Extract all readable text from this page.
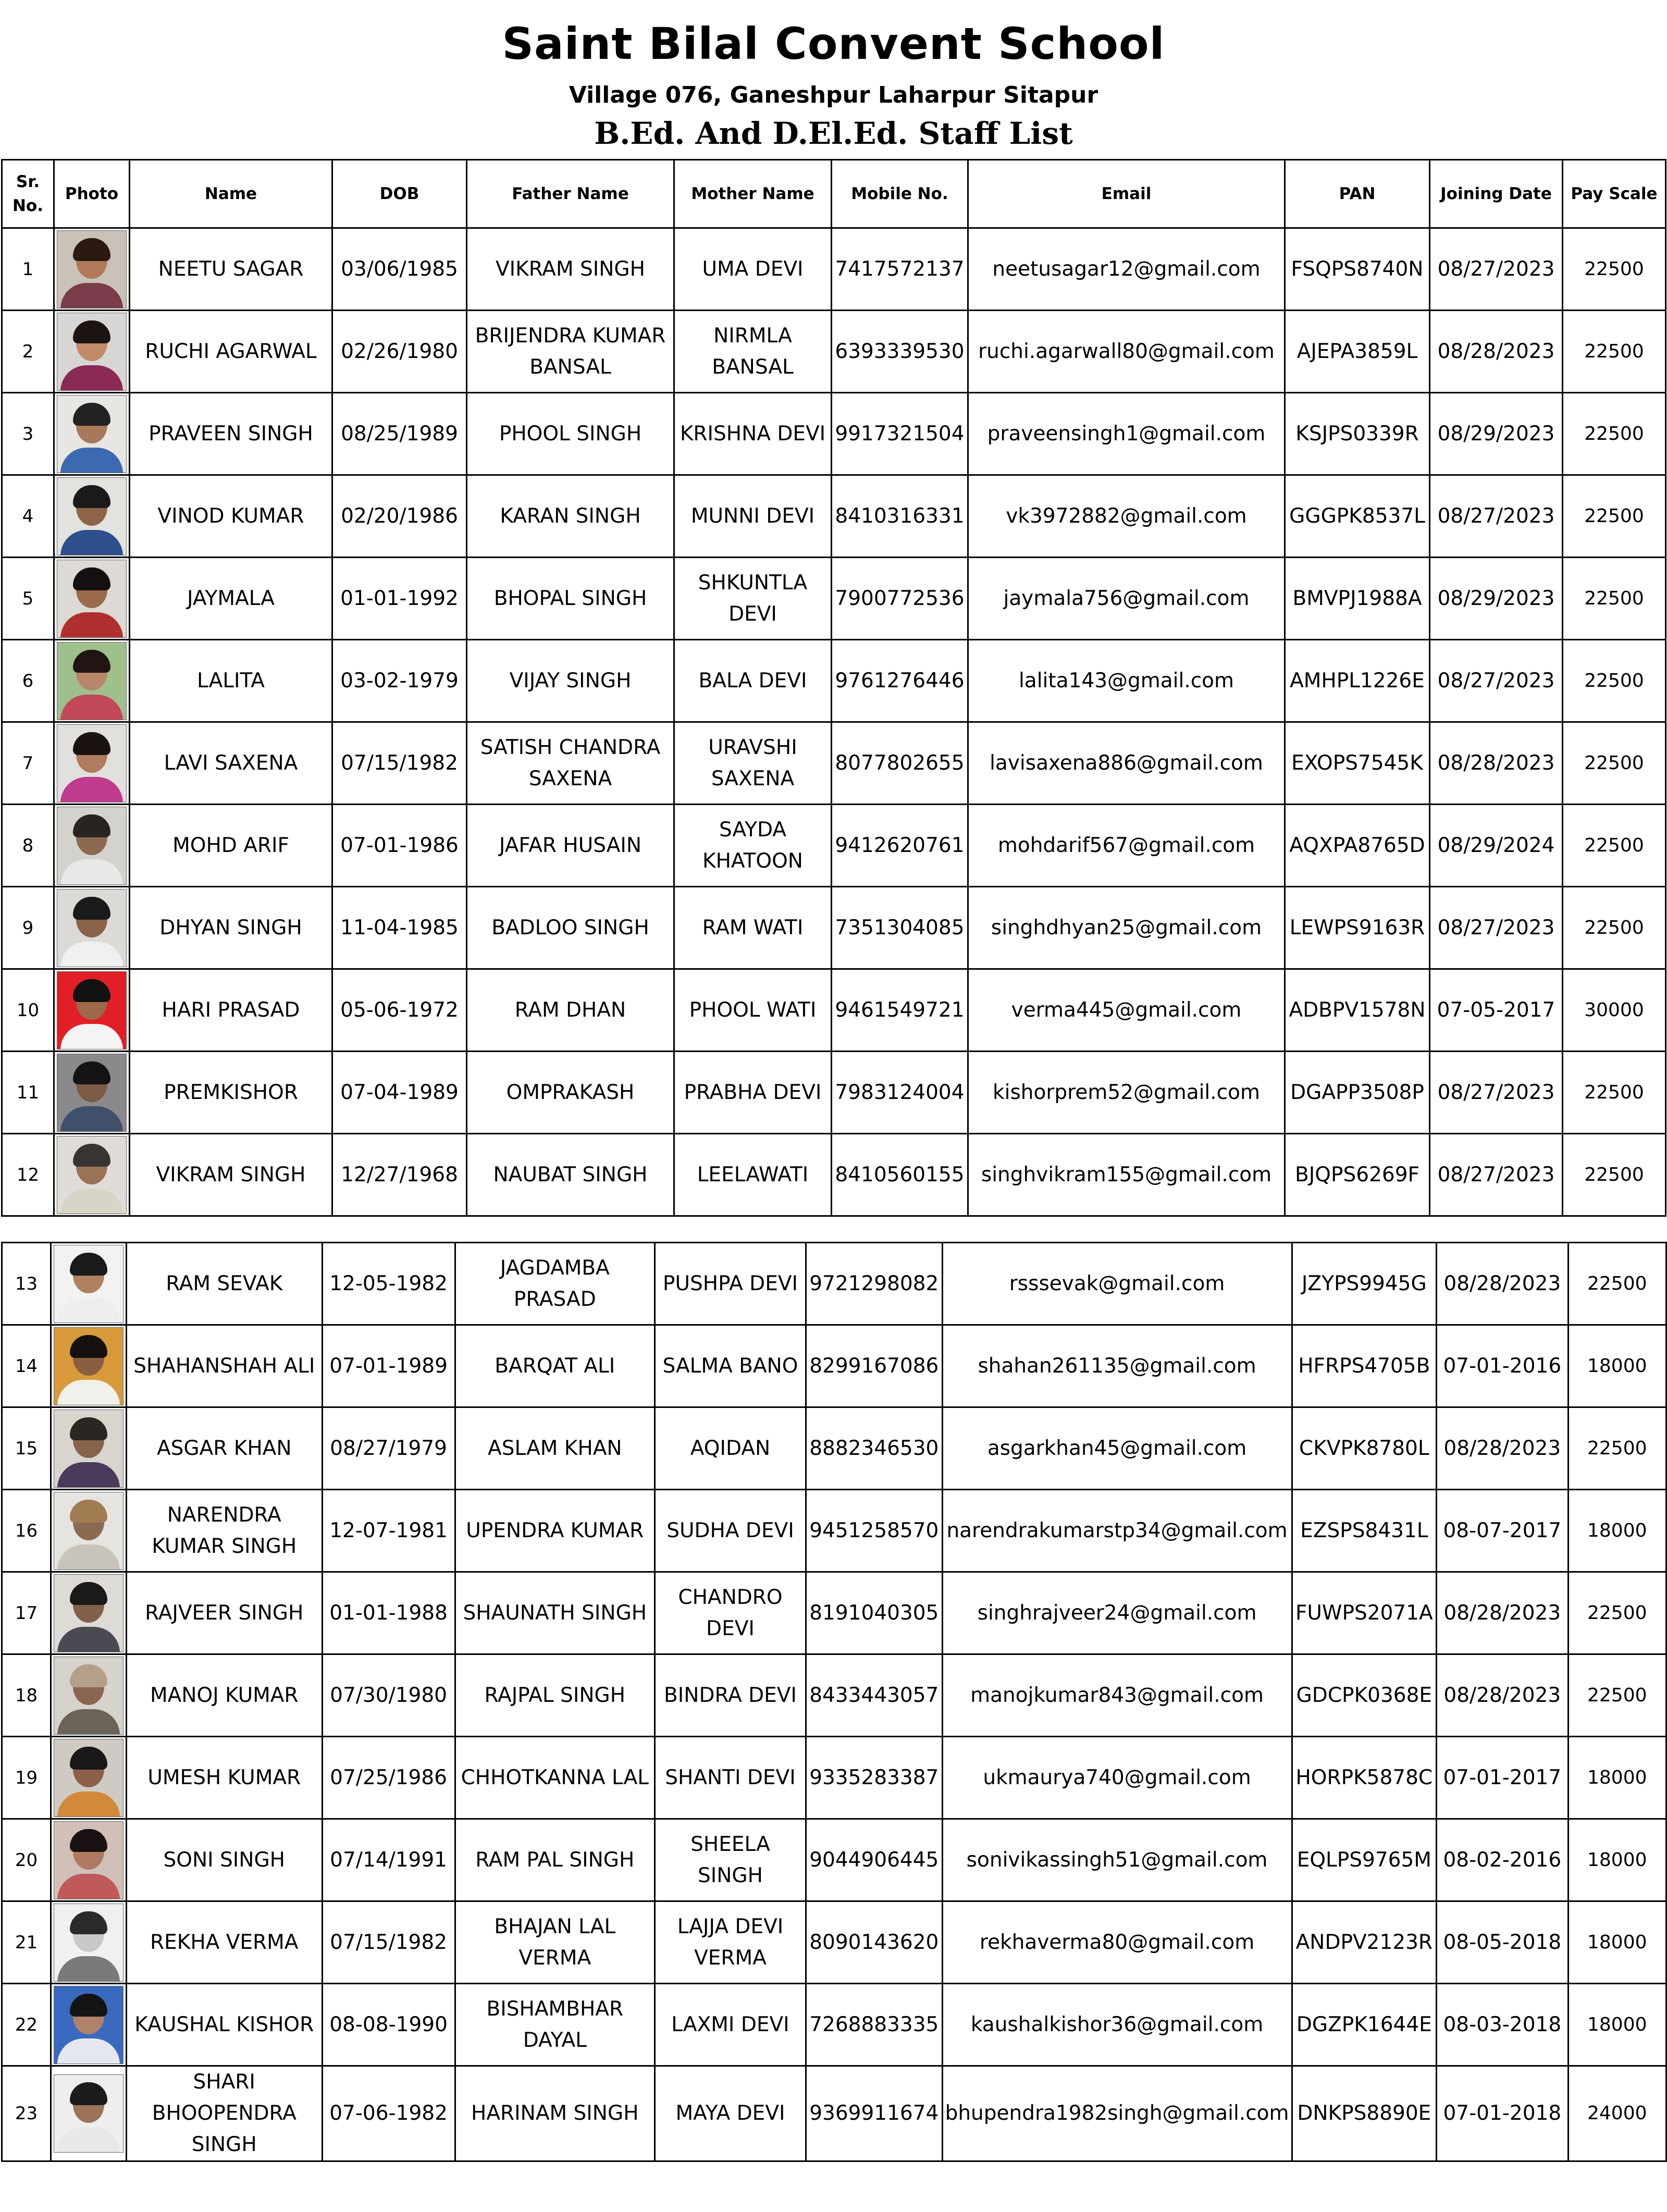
Saint Bilal Convent School
Village 076, Ganeshpur Laharpur Sitapur
B.Ed. And D.El.Ed. Staff List
Sr. No.	Photo	Name	DOB	Father Name	Mother Name	Mobile No.	Email	PAN	Joining Date	Pay Scale
1		NEETU SAGAR	03/06/1985	VIKRAM SINGH	UMA DEVI	7417572137	neetusagar12@gmail.com	FSQPS8740N	08/27/2023	22500
2		RUCHI AGARWAL	02/26/1980	BRIJENDRA KUMAR BANSAL	NIRMLA BANSAL	6393339530	ruchi.agarwall80@gmail.com	AJEPA3859L	08/28/2023	22500
3		PRAVEEN SINGH	08/25/1989	PHOOL SINGH	KRISHNA DEVI	9917321504	praveensingh1@gmail.com	KSJPS0339R	08/29/2023	22500
4		VINOD KUMAR	02/20/1986	KARAN SINGH	MUNNI DEVI	8410316331	vk3972882@gmail.com	GGGPK8537L	08/27/2023	22500
5		JAYMALA	01-01-1992	BHOPAL SINGH	SHKUNTLA DEVI	7900772536	jaymala756@gmail.com	BMVPJ1988A	08/29/2023	22500
6		LALITA	03-02-1979	VIJAY SINGH	BALA DEVI	9761276446	lalita143@gmail.com	AMHPL1226E	08/27/2023	22500
7		LAVI SAXENA	07/15/1982	SATISH CHANDRA SAXENA	URAVSHI SAXENA	8077802655	lavisaxena886@gmail.com	EXOPS7545K	08/28/2023	22500
8		MOHD ARIF	07-01-1986	JAFAR HUSAIN	SAYDA KHATOON	9412620761	mohdarif567@gmail.com	AQXPA8765D	08/29/2024	22500
9		DHYAN SINGH	11-04-1985	BADLOO SINGH	RAM WATI	7351304085	singhdhyan25@gmail.com	LEWPS9163R	08/27/2023	22500
10		HARI PRASAD	05-06-1972	RAM DHAN	PHOOL WATI	9461549721	verma445@gmail.com	ADBPV1578N	07-05-2017	30000
11		PREMKISHOR	07-04-1989	OMPRAKASH	PRABHA DEVI	7983124004	kishorprem52@gmail.com	DGAPP3508P	08/27/2023	22500
12		VIKRAM SINGH	12/27/1968	NAUBAT SINGH	LEELAWATI	8410560155	singhvikram155@gmail.com	BJQPS6269F	08/27/2023	22500
13		RAM SEVAK	12-05-1982	JAGDAMBA PRASAD	PUSHPA DEVI	9721298082	rsssevak@gmail.com	JZYPS9945G	08/28/2023	22500
14		SHAHANSHAH ALI	07-01-1989	BARQAT ALI	SALMA BANO	8299167086	shahan261135@gmail.com	HFRPS4705B	07-01-2016	18000
15		ASGAR KHAN	08/27/1979	ASLAM KHAN	AQIDAN	8882346530	asgarkhan45@gmail.com	CKVPK8780L	08/28/2023	22500
16		NARENDRA KUMAR SINGH	12-07-1981	UPENDRA KUMAR	SUDHA DEVI	9451258570	narendrakumarstp34@gmail.com	EZSPS8431L	08-07-2017	18000
17		RAJVEER SINGH	01-01-1988	SHAUNATH SINGH	CHANDRO DEVI	8191040305	singhrajveer24@gmail.com	FUWPS2071A	08/28/2023	22500
18		MANOJ KUMAR	07/30/1980	RAJPAL SINGH	BINDRA DEVI	8433443057	manojkumar843@gmail.com	GDCPK0368E	08/28/2023	22500
19		UMESH KUMAR	07/25/1986	CHHOTKANNA LAL	SHANTI DEVI	9335283387	ukmaurya740@gmail.com	HORPK5878C	07-01-2017	18000
20		SONI SINGH	07/14/1991	RAM PAL SINGH	SHEELA SINGH	9044906445	sonivikassingh51@gmail.com	EQLPS9765M	08-02-2016	18000
21		REKHA VERMA	07/15/1982	BHAJAN LAL VERMA	LAJJA DEVI VERMA	8090143620	rekhaverma80@gmail.com	ANDPV2123R	08-05-2018	18000
22		KAUSHAL KISHOR	08-08-1990	BISHAMBHAR DAYAL	LAXMI DEVI	7268883335	kaushalkishor36@gmail.com	DGZPK1644E	08-03-2018	18000
23		SHARI BHOOPENDRA SINGH	07-06-1982	HARINAM SINGH	MAYA DEVI	9369911674	bhupendra1982singh@gmail.com	DNKPS8890E	07-01-2018	24000
